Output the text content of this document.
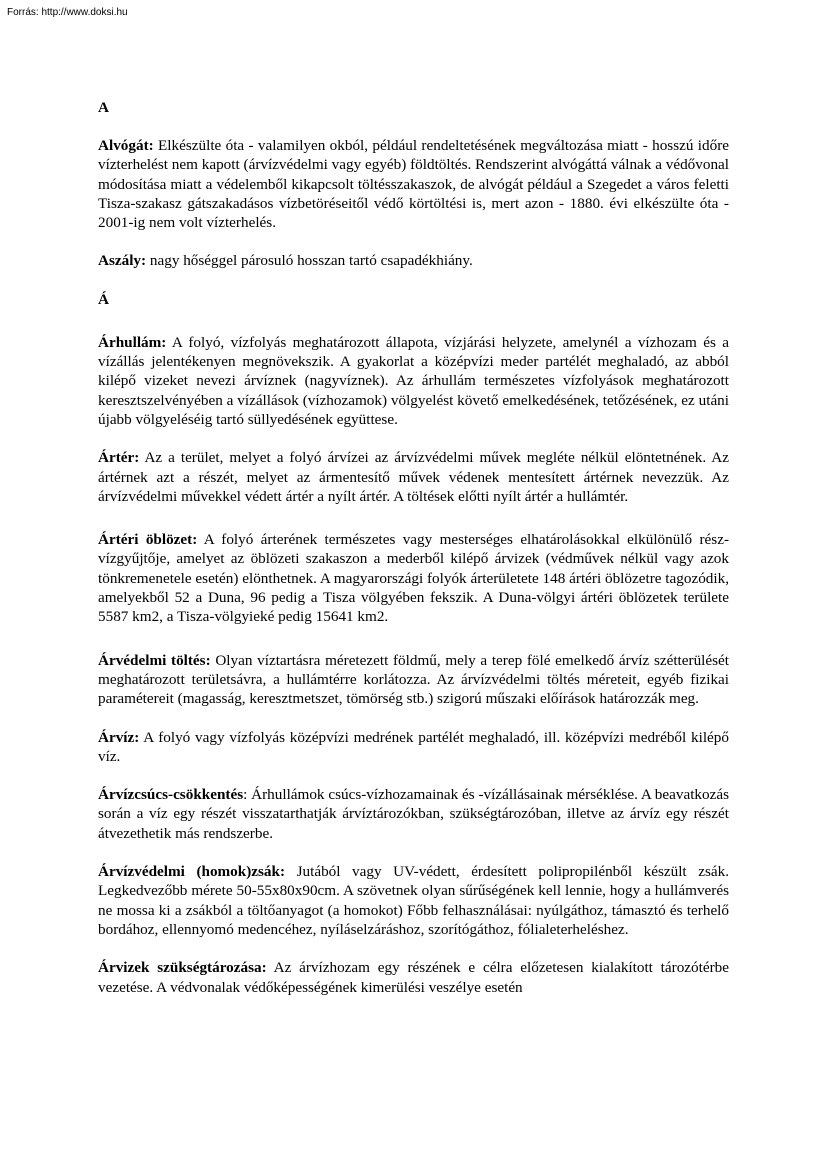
Forrás: http://www.doksi.hu

A

Alvógát: Elkészülte óta - valamilyen okból, például rendeltetésének megváltozása miatt - hosszú időre vízterhelést nem kapott (árvízvédelmi vagy egyéb) földtöltés. Rendszerint alvógáttá válnak a védővonal módosítása miatt a védelemből kikapcsolt töltésszakaszok, de alvógát például a Szegedet a város feletti Tisza-szakasz gátszakadásos vízbetöréseitől védő körtöltési is, mert azon - 1880. évi elkészülte óta - 2001-ig nem volt vízterhelés.

Aszály: nagy hőséggel párosuló hosszan tartó csapadékhiány.

Á

Árhullám: A folyó, vízfolyás meghatározott állapota, vízjárási helyzete, amelynél a vízhozam és a vízállás jelentékenyen megnövekszik. A gyakorlat a középvízi meder partélét meghaladó, az abból kilépő vizeket nevezi árvíznek (nagyvíznek). Az árhullám természetes vízfolyások meghatározott keresztszelvényében a vízállások (vízhozamok) völgyelést követő emelkedésének, tetőzésének, ez utáni újabb völgyeléséig tartó süllyedésének együttese.

Ártér: Az a terület, melyet a folyó árvízei az árvízvédelmi művek megléte nélkül elöntetnének. Az ártérnek azt a részét, melyet az ármentesítő művek védenek mentesített ártérnek nevezzük. Az árvízvédelmi művekkel védett ártér a nyílt ártér. A töltések előtti nyílt ártér a hullámtér.

Ártéri öblözet: A folyó árterének természetes vagy mesterséges elhatárolásokkal elkülönülő rész-vízgyűjtője, amelyet az öblözeti szakaszon a mederből kilépő árvizek (védművek nélkül vagy azok tönkremenetele esetén) elönthetnek. A magyarországi folyók árterületete 148 ártéri öblözetre tagozódik, amelyekből 52 a Duna, 96 pedig a Tisza völgyében fekszik. A Duna-völgyi ártéri öblözetek területe 5587 km2, a Tisza-völgyieké pedig 15641 km2.

Árvédelmi töltés: Olyan víztartásra méretezett földmű, mely a terep fölé emelkedő árvíz szétterülését meghatározott területsávra, a hullámtérre korlátozza. Az árvízvédelmi töltés méreteit, egyéb fizikai paramétereit (magasság, keresztmetszet, tömörség stb.) szigorú műszaki előírások határozzák meg.

Árvíz: A folyó vagy vízfolyás középvízi medrének partélét meghaladó, ill. középvízi medréből kilépő víz.

Árvízcsúcs-csökkentés: Árhullámok csúcs-vízhozamainak és -vízállásainak mérséklése. A beavatkozás során a víz egy részét visszatarthatják árvíztározókban, szükségtározóban, illetve az árvíz egy részét átvezethetik más rendszerbe.

Árvízvédelmi (homok)zsák: Jutából vagy UV-védett, érdesített polipropilénből készült zsák. Legkedvezőbb mérete 50-55x80x90cm. A szövetnek olyan sűrűségének kell lennie, hogy a hullámverés ne mossa ki a zsákból a töltőanyagot (a homokot) Főbb felhasználásai: nyúlgáthoz, támasztó és terhelő bordához, ellennyomó medencéhez, nyíláselzáráshoz, szorítógáthoz, fólialeterheléshez.

Árvizek szükségtározása: Az árvízhozam egy részének e célra előzetesen kialakított tározótérbe vezetése. A védvonalak védőképességének kimerülési veszélye esetén
